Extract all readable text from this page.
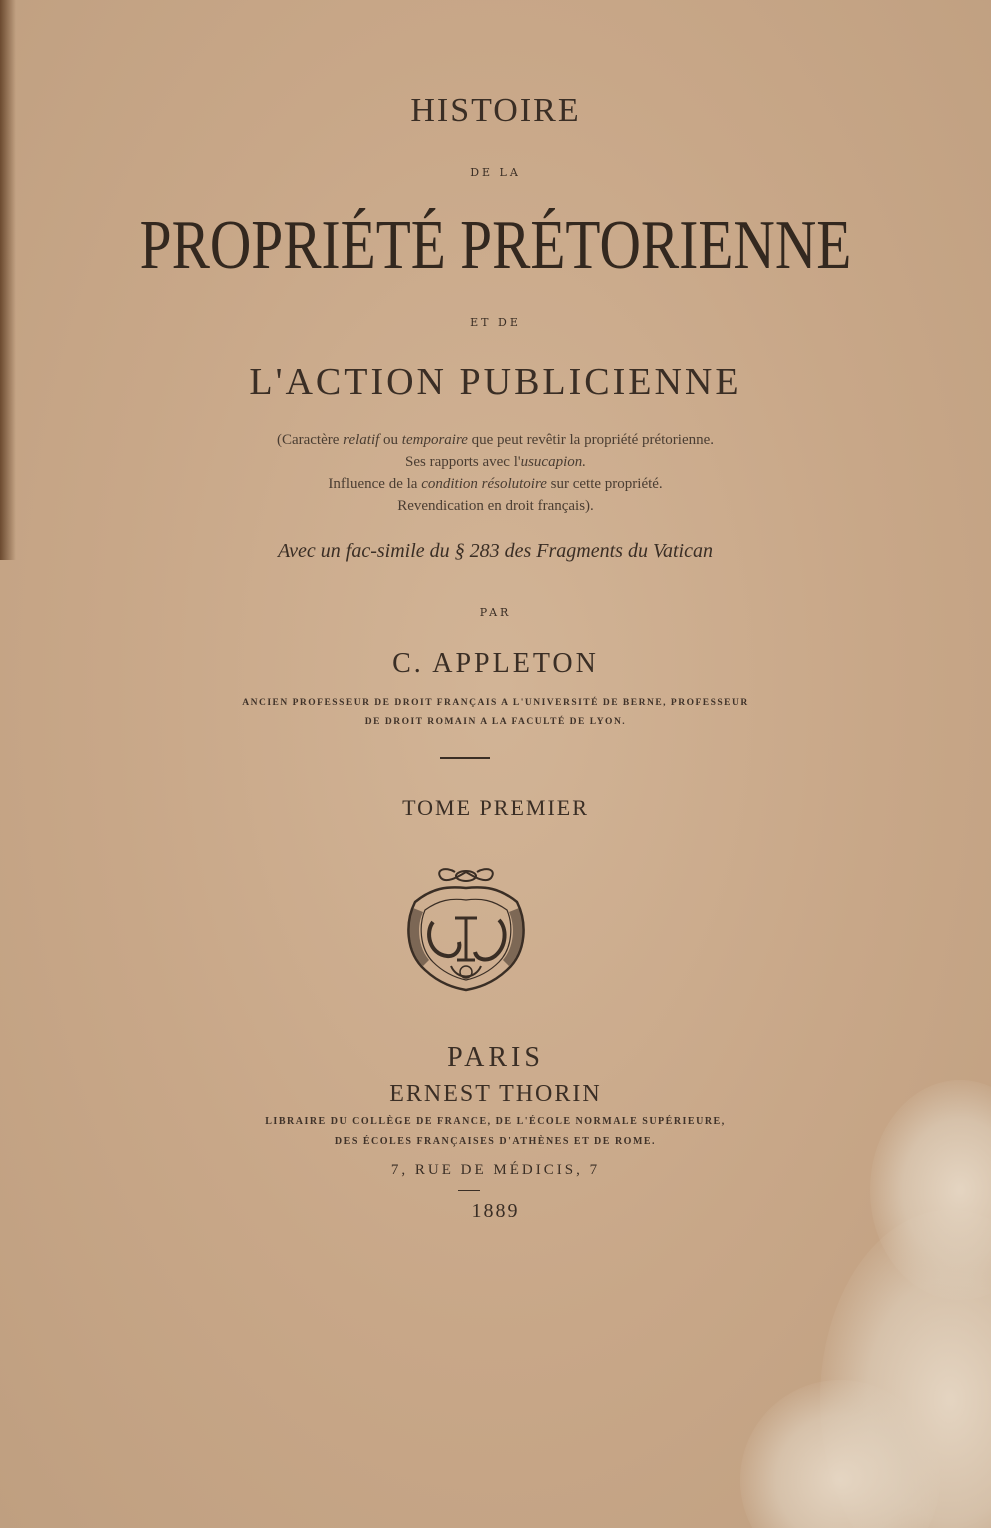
HISTOIRE
DE LA
PROPRIÉTÉ PRÉTORIENNE
ET DE
L'ACTION PUBLICIENNE
(Caractère relatif ou temporaire que peut revêtir la propriété prétorienne.
Ses rapports avec l'usucapion.
Influence de la condition résolutoire sur cette propriété.
Revendication en droit français).
Avec un fac-simile du § 283 des Fragments du Vatican
PAR
C. APPLETON
ANCIEN PROFESSEUR DE DROIT FRANÇAIS A L'UNIVERSITÉ DE BERNE, PROFESSEUR
DE DROIT ROMAIN A LA FACULTÉ DE LYON.
TOME PREMIER
PARIS
ERNEST THORIN
LIBRAIRE DU COLLÈGE DE FRANCE, DE L'ÉCOLE NORMALE SUPÉRIEURE,
DES ÉCOLES FRANÇAISES D'ATHÈNES ET DE ROME.
7, RUE DE MÉDICIS, 7
1889
